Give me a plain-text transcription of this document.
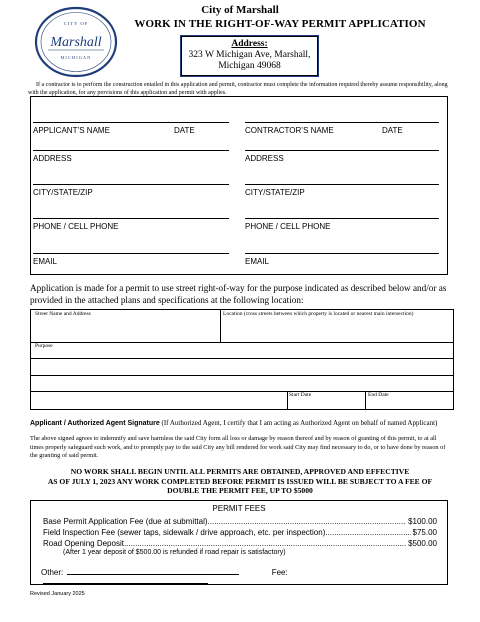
CITY OF
Marshall
MICHIGAN
City of Marshall
WORK IN THE RIGHT-OF-WAY PERMIT APPLICATION
Address:
323 W Michigan Ave, Marshall,
Michigan 49068
If a contractor is to perform the construction entailed in this application and permit, contractor must complete the information required thereby assume responsibility, along with the application, for any provisions of this application and permit with applies.
APPLICANT’S NAME	DATE
ADDRESS
CITY/STATE/ZIP
PHONE / CELL PHONE
EMAIL
CONTRACTOR’S NAME	DATE
ADDRESS
CITY/STATE/ZIP
PHONE / CELL PHONE
EMAIL
Application is made for a permit to use street right-of-way for the purpose indicated as described below and/or as provided in the attached plans and specifications at the following location:
Street Name and Address	Location (cross streets between which property is located or nearest main intersection)
Purpose
Start Date	End Date
Applicant / Authorized Agent Signature (If Authorized Agent, I certify that I am acting as Authorized Agent on behalf of named Applicant)
The above signed agrees to indemnify and save harmless the said City form all loss or damage by reason thereof and by reason of granting of this permit, to at all times properly safeguard such work, and to promptly pay to the said City any bill rendered for work said City may find necessary to do, or to have done by reason of the granting of said permit.
NO WORK SHALL BEGIN UNTIL ALL PERMITS ARE OBTAINED, APPROVED AND EFFECTIVE
AS OF JULY 1, 2023 ANY WORK COMPLETED BEFORE PERMIT IS ISSUED WILL BE SUBJECT TO A FEE OF
DOUBLE THE PERMIT FEE, UP TO $5000
PERMIT FEES
Base Permit Application Fee (due at submittal) .....	$100.00
Field Inspection Fee (sewer taps, sidewalk / drive approach, etc. per inspection) .....	$75.00
Road Opening Deposit .....	$500.00
(After 1 year deposit of $500.00 is refunded if road repair is satisfactory)
Other:	Fee:
Revised January 2025
